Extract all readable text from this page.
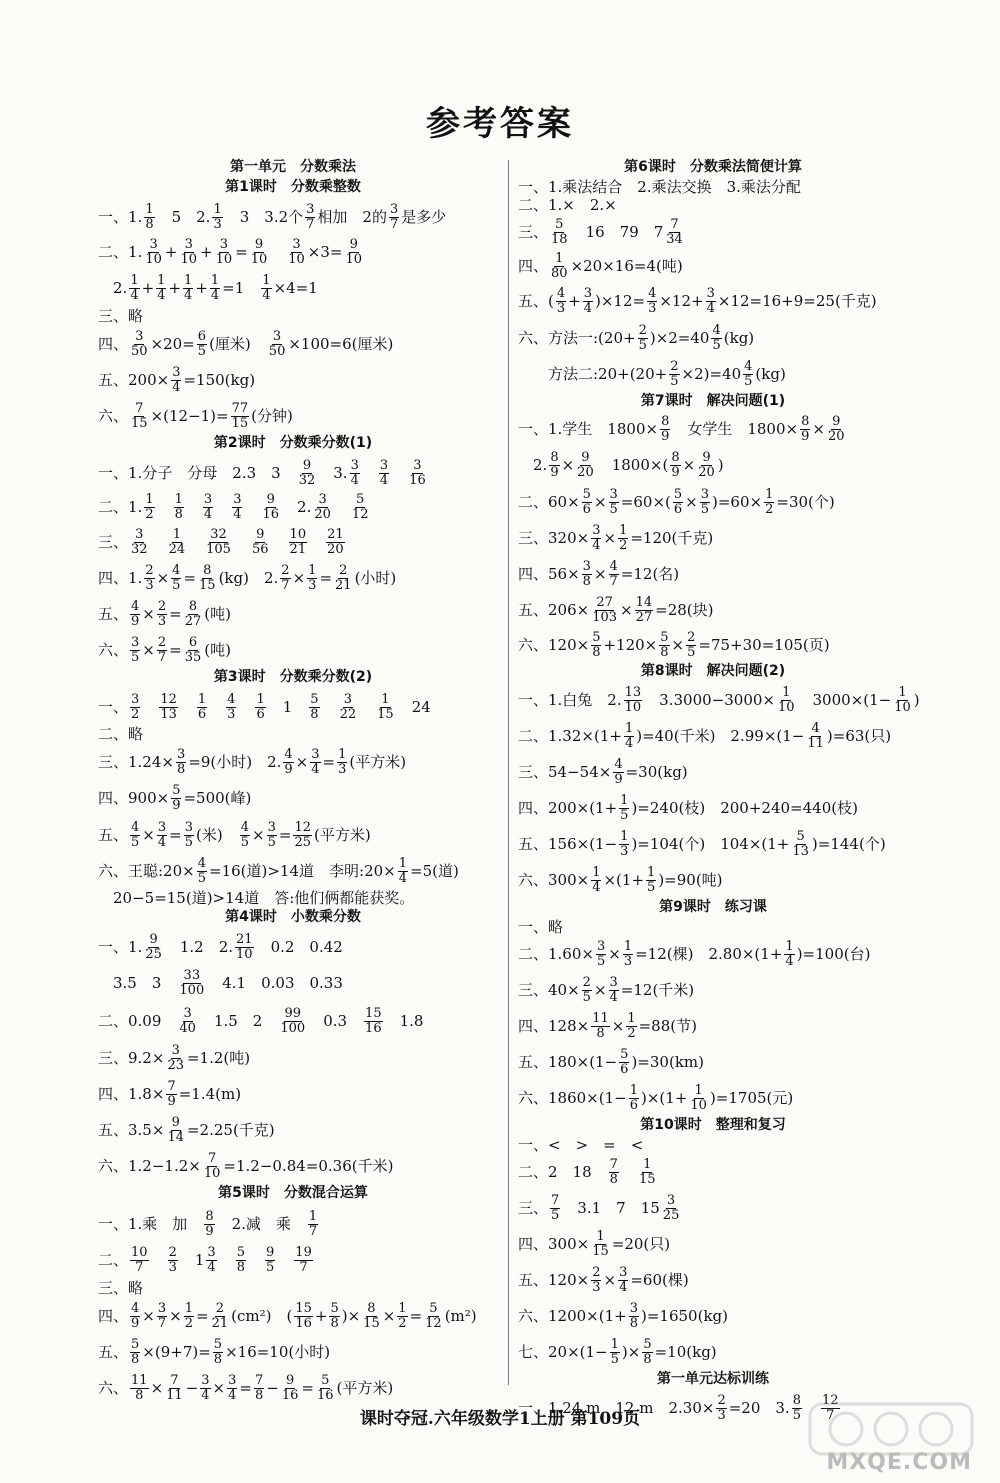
参考答案
第一单元　分数乘法
第1课时　分数乘整数
一、1. $\frac{1}{8}$ 　5　2. $\frac{1}{3}$ 　3　3.2个 $\frac{3}{7}$ 相加　2的 $\frac{3}{7}$ 是多少
二、1. $\frac{3}{10} + \frac{3}{10} + \frac{3}{10} = \frac{9}{10}$
　 $\frac{3}{10} \times 3= \frac{9}{10}$
　2. $\frac{1}{4} + \frac{1}{4} + \frac{1}{4} + \frac{1}{4} =1$　 $\frac{1}{4} \times 4=1$
三、略
四、 $\frac{3}{50} \times 20= \frac{6}{5}$ (厘米)　 $\frac{3}{50} \times 100=6$(厘米)
五、$200\times \frac{3}{4} =150(kg)$
六、 $\frac{7}{15} \times(12-1)= \frac{77}{15}$ (分钟)
第2课时　分数乘分数(1)
一、1.分子　分母　2.3　3　 $\frac{9}{32}$ 　3. $\frac{3}{4}$
　 $\frac{3}{4}$
　 $\frac{3}{16}$
二、1. $\frac{1}{2}$
　 $\frac{1}{8}$
　 $\frac{3}{4}$
　 $\frac{3}{4}$
　 $\frac{9}{16}$ 　2. $\frac{3}{20}$
　 $\frac{5}{12}$
三、 $\frac{3}{32}$
　 $\frac{1}{24}$
　 $\frac{32}{105}$
　 $\frac{9}{56}$
　 $\frac{10}{21}$
　 $\frac{21}{20}$
四、1. $\frac{2}{3} \times \frac{4}{5} = \frac{8}{15} (kg)$　2. $\frac{2}{7} \times \frac{1}{3} = \frac{2}{21}$ (小时)
五、 $\frac{4}{9} \times \frac{2}{3} = \frac{8}{27}$ (吨)
六、 $\frac{3}{5} \times \frac{2}{7} = \frac{6}{35}$ (吨)
第3课时　分数乘分数(2)
一、 $\frac{3}{2}$
　 $\frac{12}{13}$
　 $\frac{1}{6}$
　 $\frac{4}{3}$
　 $\frac{1}{6}$ 　1　 $\frac{5}{8}$
　 $\frac{3}{22}$
　 $\frac{1}{15}$ 　24
二、略
三、$1.24\times \frac{3}{8} =9$(小时)　2. $\frac{4}{9} \times \frac{3}{4} = \frac{1}{3}$ (平方米)
四、$900\times \frac{5}{9} =500$(峰)
五、 $\frac{4}{5} \times \frac{3}{4} = \frac{3}{5}$ (米)　 $\frac{4}{5} \times \frac{3}{5} = \frac{12}{25}$ (平方米)
六、王聪:20× $\frac{4}{5} =16$(道)>14道　李明:20× $\frac{1}{4} =5$(道)
　20−5=15(道)>14道　答:他们俩都能获奖。
第4课时　小数乘分数
一、1. $\frac{9}{25}$ 　1.2　2. $\frac{21}{10}$ 　0.2　0.42
　3.5　3　 $\frac{33}{100}$ 　4.1　0.03　0.33
二、0.09　 $\frac{3}{40}$ 　1.5　2　 $\frac{99}{100}$ 　0.3　 $\frac{15}{16}$ 　1.8
三、$9.2\times \frac{3}{23} =1.2$(吨)
四、$1.8\times \frac{7}{9} =1.4(m)$
五、$3.5\times \frac{9}{14} =2.25$(千克)
六、$1.2-1.2\times \frac{7}{10} =1.2-0.84=0.36$(千米)
第5课时　分数混合运算
一、1.乘　加　 $\frac{8}{9}$ 　2.减　乘　 $\frac{1}{7}$
二、 $\frac{10}{7}$
　 $\frac{2}{3}$ 　$1 \frac{3}{4}$
　 $\frac{5}{8}$
　 $\frac{9}{5}$
　 $\frac{19}{7}$
三、略
四、 $\frac{4}{9} \times \frac{3}{7} \times \frac{1}{2} = \frac{2}{21} (cm^2)$　( $\frac{15}{16} + \frac{5}{8}$ )× $\frac{8}{15} \times \frac{1}{2} = \frac{5}{12} (m^2)$
五、 $\frac{5}{8} \times(9+7)= \frac{5}{8} \times 16=10$(小时)
六、 $\frac{11}{8} \times \frac{7}{11} - \frac{3}{4} \times \frac{3}{4} = \frac{7}{8} - \frac{9}{16} = \frac{5}{16}$ (平方米)
第6课时　分数乘法简便计算
一、1.乘法结合　2.乘法交换　3.乘法分配
二、1.×　2.×
三、 $\frac{5}{18}$ 　16　79　$7 \frac{7}{34}$
四、 $\frac{1}{80} \times 20\times 16=4$(吨)
五、( $\frac{4}{3} + \frac{3}{4} )\times 12= \frac{4}{3} \times 12+ \frac{3}{4} \times 12=16+9=25$(千克)
六、方法一:(20+ $\frac{2}{5} )\times 2=40 \frac{4}{5} (kg)$
　　方法二:20+(20+ $\frac{2}{5} \times 2)=40 \frac{4}{5} (kg)$
第7课时　解决问题(1)
一、1.学生　$1800\times \frac{8}{9}$ 　女学生　$1800\times \frac{8}{9} \times \frac{9}{20}$
　2. $\frac{8}{9} \times \frac{9}{20}$ 　$1800\times( \frac{8}{9} \times \frac{9}{20}$ )
二、$60\times \frac{5}{6} \times \frac{3}{5} =60\times( \frac{5}{6} \times \frac{3}{5} )=60\times \frac{1}{2} =30$(个)
三、$320\times \frac{3}{4} \times \frac{1}{2} =120$(千克)
四、$56\times \frac{3}{8} \times \frac{4}{7} =12$(名)
五、$206\times \frac{27}{103} \times \frac{14}{27} =28$(块)
六、$120\times \frac{5}{8} +120\times \frac{5}{8} \times \frac{2}{5} =75+30=105$(页)
第8课时　解决问题(2)
一、1.白兔　2. $\frac{13}{10}$ 　$3.3000-3000\times \frac{1}{10}$ 　$3000\times(1- \frac{1}{10}$ )
二、$1.32\times(1+ \frac{1}{4} )=40$(千米)　$2.99\times(1- \frac{4}{11} )=63$(只)
三、$54-54\times \frac{4}{9} =30(kg)$
四、$200\times(1+ \frac{1}{5} )=240$(枝)　200+240=440(枝)
五、$156\times(1- \frac{1}{3} )=104$(个)　$104\times(1+ \frac{5}{13} )=144$(个)
六、$300\times \frac{1}{4} \times(1+ \frac{1}{5} )=90$(吨)
第9课时　练习课
一、略
二、$1.60\times \frac{3}{5} \times \frac{1}{3} =12$(棵)　$2.80\times(1+ \frac{1}{4} )=100$(台)
三、$40\times \frac{2}{5} \times \frac{3}{4} =12$(千米)
四、$128\times \frac{11}{8} \times \frac{1}{2} =88$(节)
五、$180\times(1- \frac{5}{6} )=30(km)$
六、$1860\times(1- \frac{1}{6} )\times(1+ \frac{1}{10} )=1705$(元)
第10课时　整理和复习
一、<　>　=　<
二、2　18　 $\frac{7}{8}$
　 $\frac{1}{15}$
三、 $\frac{7}{5}$ 　3.1　7　$15 \frac{3}{25}$
四、$300\times \frac{1}{15} =20$(只)
五、$120\times \frac{2}{3} \times \frac{3}{4} =60$(棵)
六、$1200\times(1+ \frac{3}{8} )=1650(kg)$
七、$20\times(1- \frac{1}{5}$ )× $\frac{5}{8} =10(kg)$
第一单元达标训练
一、1.24 m　12 m　$2.30\times \frac{2}{3} =20$　3. $\frac{8}{5}$
　 $\frac{12}{7}$
课时夺冠.六年级数学1上册 第109页
MXQE.COM
